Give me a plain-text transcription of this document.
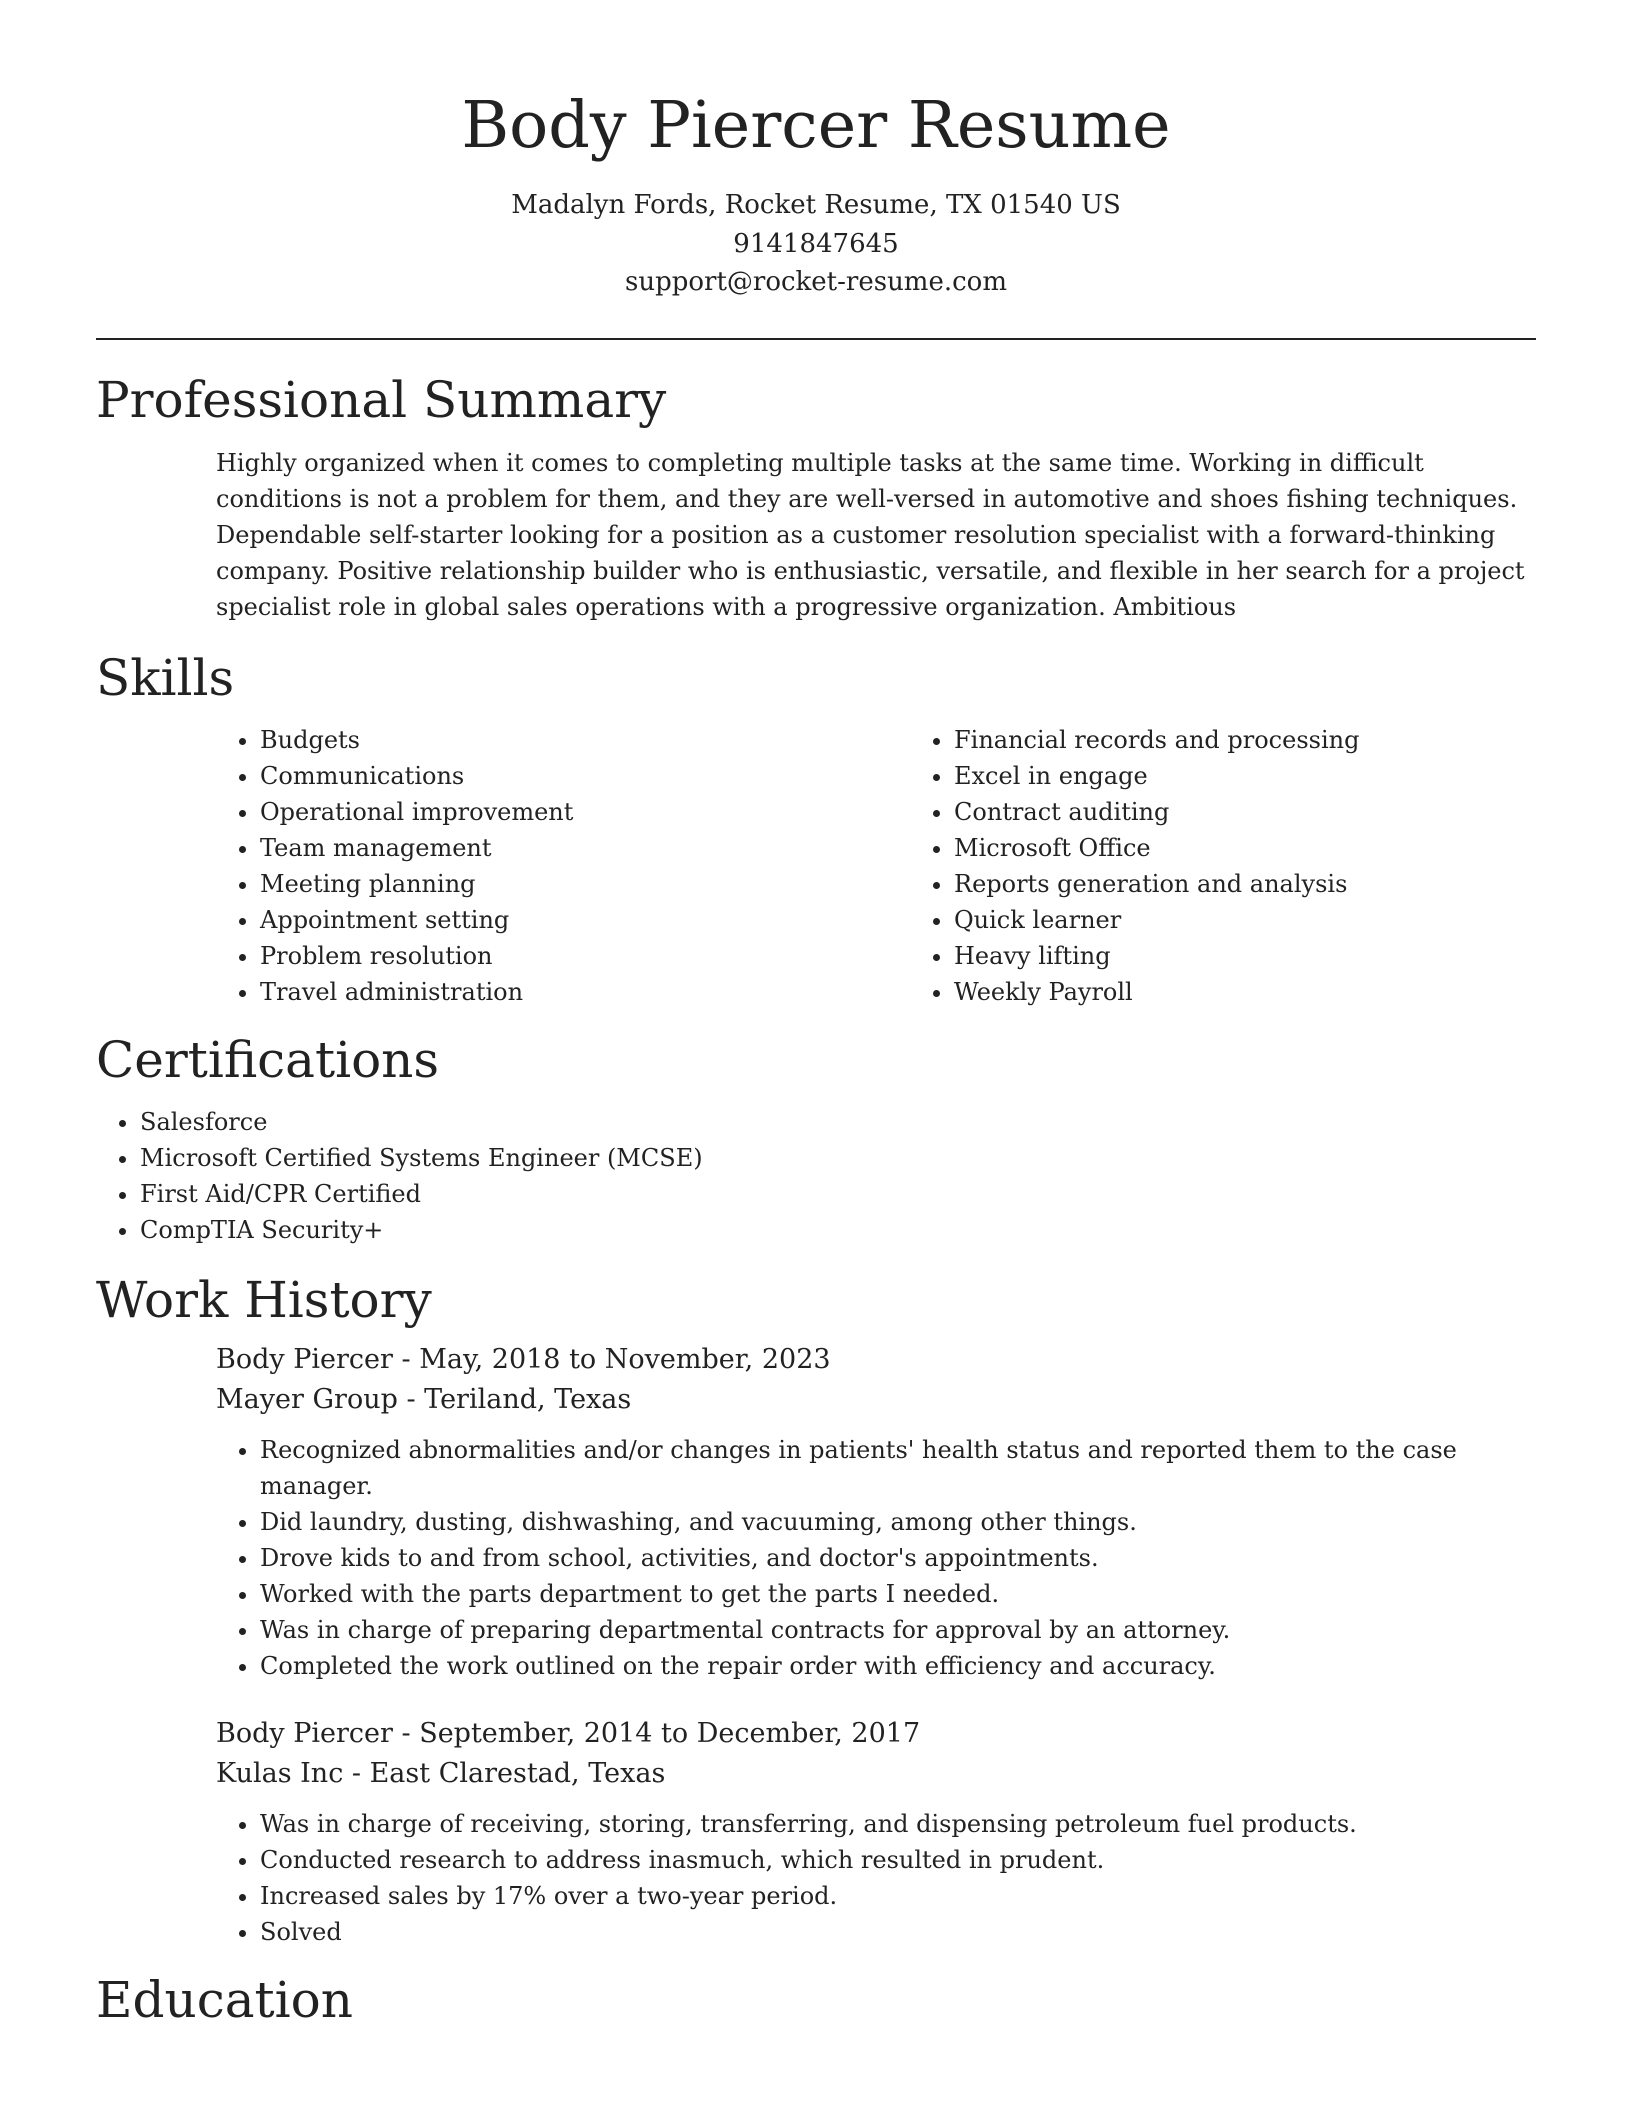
Body Piercer Resume
Madalyn Fords, Rocket Resume, TX 01540 US
9141847645
support@rocket-resume.com
Professional Summary

Highly organized when it comes to completing multiple tasks at the same time. Working in difficult conditions is not a problem for them, and they are well-versed in automotive and shoes fishing techniques. Dependable self-starter looking for a position as a customer resolution specialist with a forward-thinking company. Positive relationship builder who is enthusiastic, versatile, and flexible in her search for a project specialist role in global sales operations with a progressive organization. Ambitious

Skills
• Budgets
• Communications
• Operational improvement
• Team management
• Meeting planning
• Appointment setting
• Problem resolution
• Travel administration
• Financial records and processing
• Excel in engage
• Contract auditing
• Microsoft Office
• Reports generation and analysis
• Quick learner
• Heavy lifting
• Weekly Payroll
Certifications
• Salesforce
• Microsoft Certified Systems Engineer (MCSE)
• First Aid/CPR Certified
• CompTIA Security+
Work History
Body Piercer - May, 2018 to November, 2023
Mayer Group - Teriland, Texas
• Recognized abnormalities and/or changes in patients' health status and reported them to the case manager.
• Did laundry, dusting, dishwashing, and vacuuming, among other things.
• Drove kids to and from school, activities, and doctor's appointments.
• Worked with the parts department to get the parts I needed.
• Was in charge of preparing departmental contracts for approval by an attorney.
• Completed the work outlined on the repair order with efficiency and accuracy.
Body Piercer - September, 2014 to December, 2017
Kulas Inc - East Clarestad, Texas
• Was in charge of receiving, storing, transferring, and dispensing petroleum fuel products.
• Conducted research to address inasmuch, which resulted in prudent.
• Increased sales by 17% over a two-year period.
• Solved
Education
